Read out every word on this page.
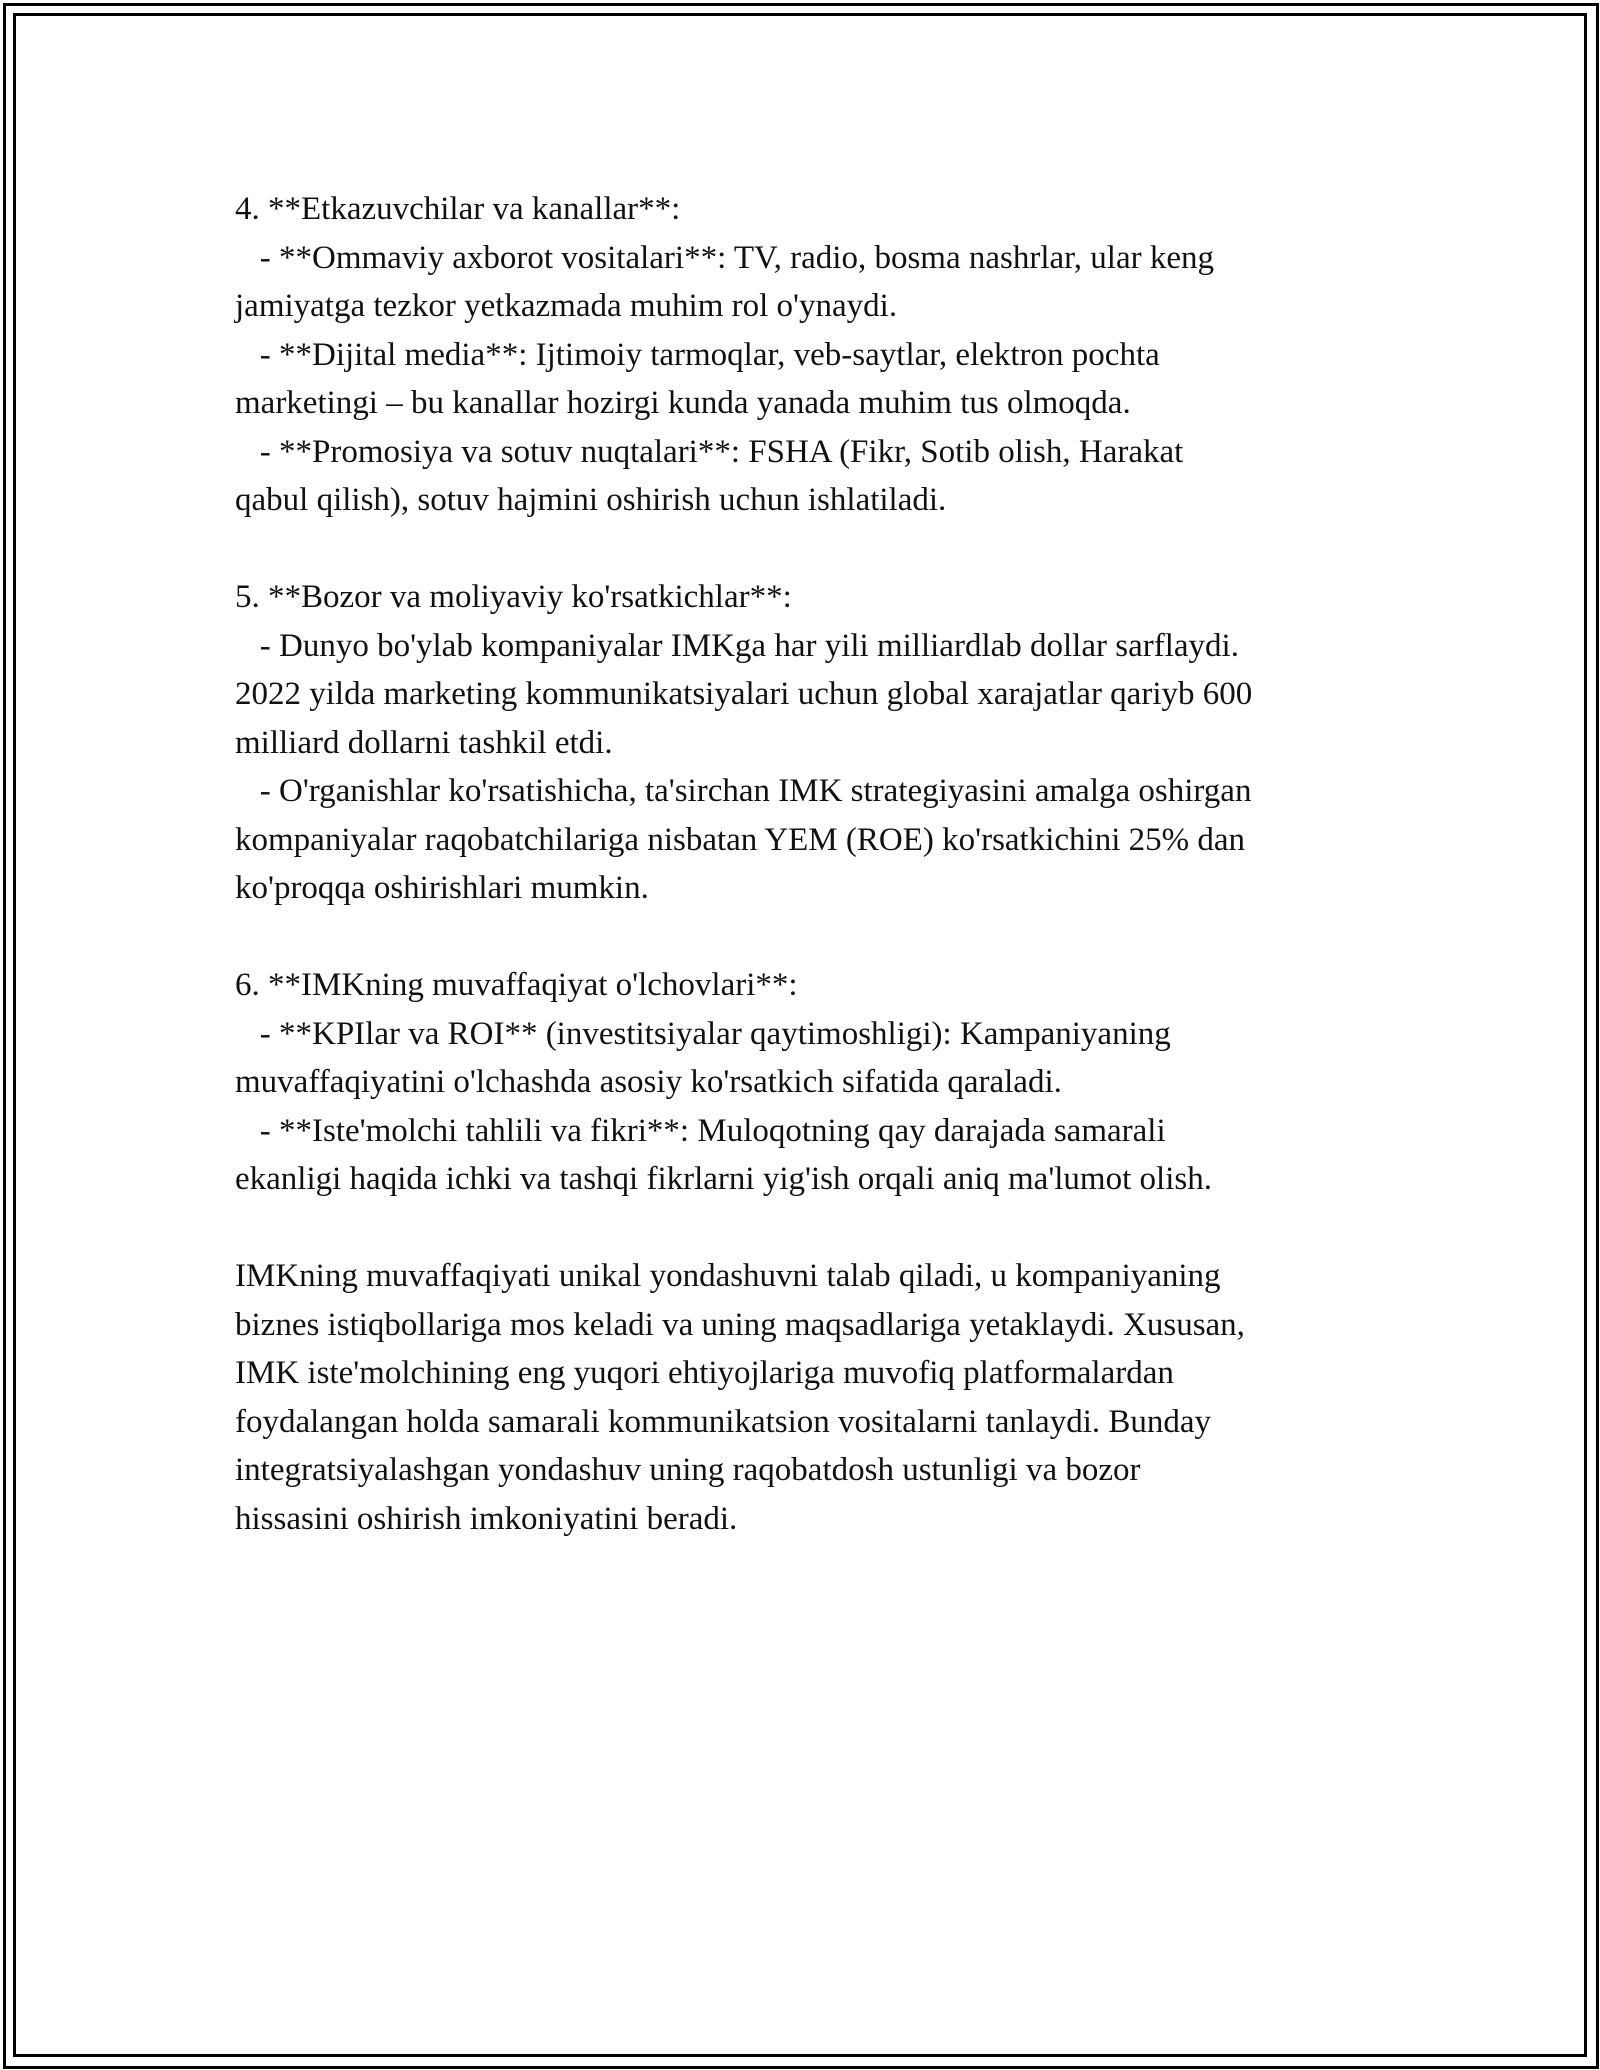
4. **Etkazuvchilar va kanallar**:
- **Ommaviy axborot vositalari**: TV, radio, bosma nashrlar, ular keng
jamiyatga tezkor yetkazmada muhim rol o'ynaydi.
- **Dijital media**: Ijtimoiy tarmoqlar, veb-saytlar, elektron pochta
marketingi – bu kanallar hozirgi kunda yanada muhim tus olmoqda.
- **Promosiya va sotuv nuqtalari**: FSHA (Fikr, Sotib olish, Harakat
qabul qilish), sotuv hajmini oshirish uchun ishlatiladi.
5. **Bozor va moliyaviy ko'rsatkichlar**:
- Dunyo bo'ylab kompaniyalar IMKga har yili milliardlab dollar sarflaydi.
2022 yilda marketing kommunikatsiyalari uchun global xarajatlar qariyb 600
milliard dollarni tashkil etdi.
- O'rganishlar ko'rsatishicha, ta'sirchan IMK strategiyasini amalga oshirgan
kompaniyalar raqobatchilariga nisbatan YEM (ROE) ko'rsatkichini 25% dan
ko'proqqa oshirishlari mumkin.
6. **IMKning muvaffaqiyat o'lchovlari**:
- **KPIlar va ROI** (investitsiyalar qaytimoshligi): Kampaniyaning
muvaffaqiyatini o'lchashda asosiy ko'rsatkich sifatida qaraladi.
- **Iste'molchi tahlili va fikri**: Muloqotning qay darajada samarali
ekanligi haqida ichki va tashqi fikrlarni yig'ish orqali aniq ma'lumot olish.
IMKning muvaffaqiyati unikal yondashuvni talab qiladi, u kompaniyaning
biznes istiqbollariga mos keladi va uning maqsadlariga yetaklaydi. Xususan,
IMK iste'molchining eng yuqori ehtiyojlariga muvofiq platformalardan
foydalangan holda samarali kommunikatsion vositalarni tanlaydi. Bunday
integratsiyalashgan yondashuv uning raqobatdosh ustunligi va bozor
hissasini oshirish imkoniyatini beradi.
